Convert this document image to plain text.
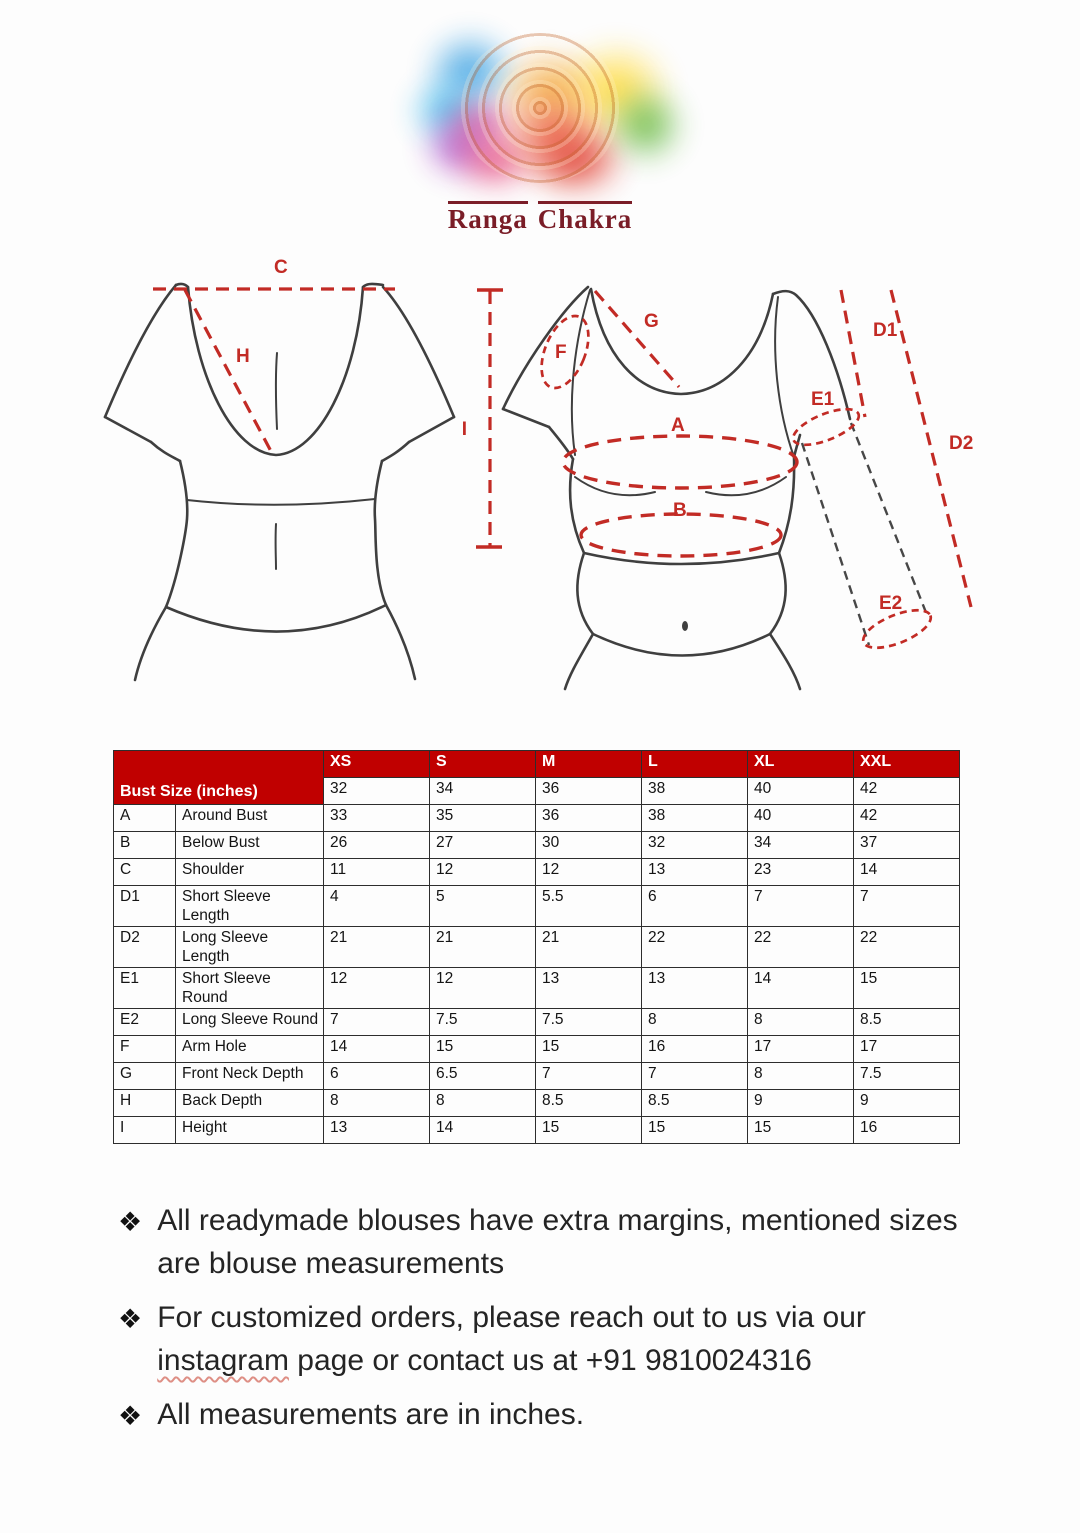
Ranga Chakra
C
H
I
G
F
A
B
E1
E2
D1
D2
Bust Size (inches)		XS	S	M	L	XL	XXL
		32	34	36	38	40	42
A	Around Bust	33	35	36	38	40	42
B	Below Bust	26	27	30	32	34	37
C	Shoulder	11	12	12	13	23	14
D1	Short Sleeve Length	4	5	5.5	6	7	7
D2	Long Sleeve Length	21	21	21	22	22	22
E1	Short Sleeve Round	12	12	13	13	14	15
E2	Long Sleeve Round	7	7.5	7.5	8	8	8.5
F	Arm Hole	14	15	15	16	17	17
G	Front Neck Depth	6	6.5	7	7	8	7.5
H	Back Depth	8	8	8.5	8.5	9	9
I	Height	13	14	15	15	15	16
❖ All readymade blouses have extra margins, mentioned sizes are blouse measurements
❖ For customized orders, please reach out to us via our instagram page or contact us at +91 9810024316
❖ All measurements are in inches.
